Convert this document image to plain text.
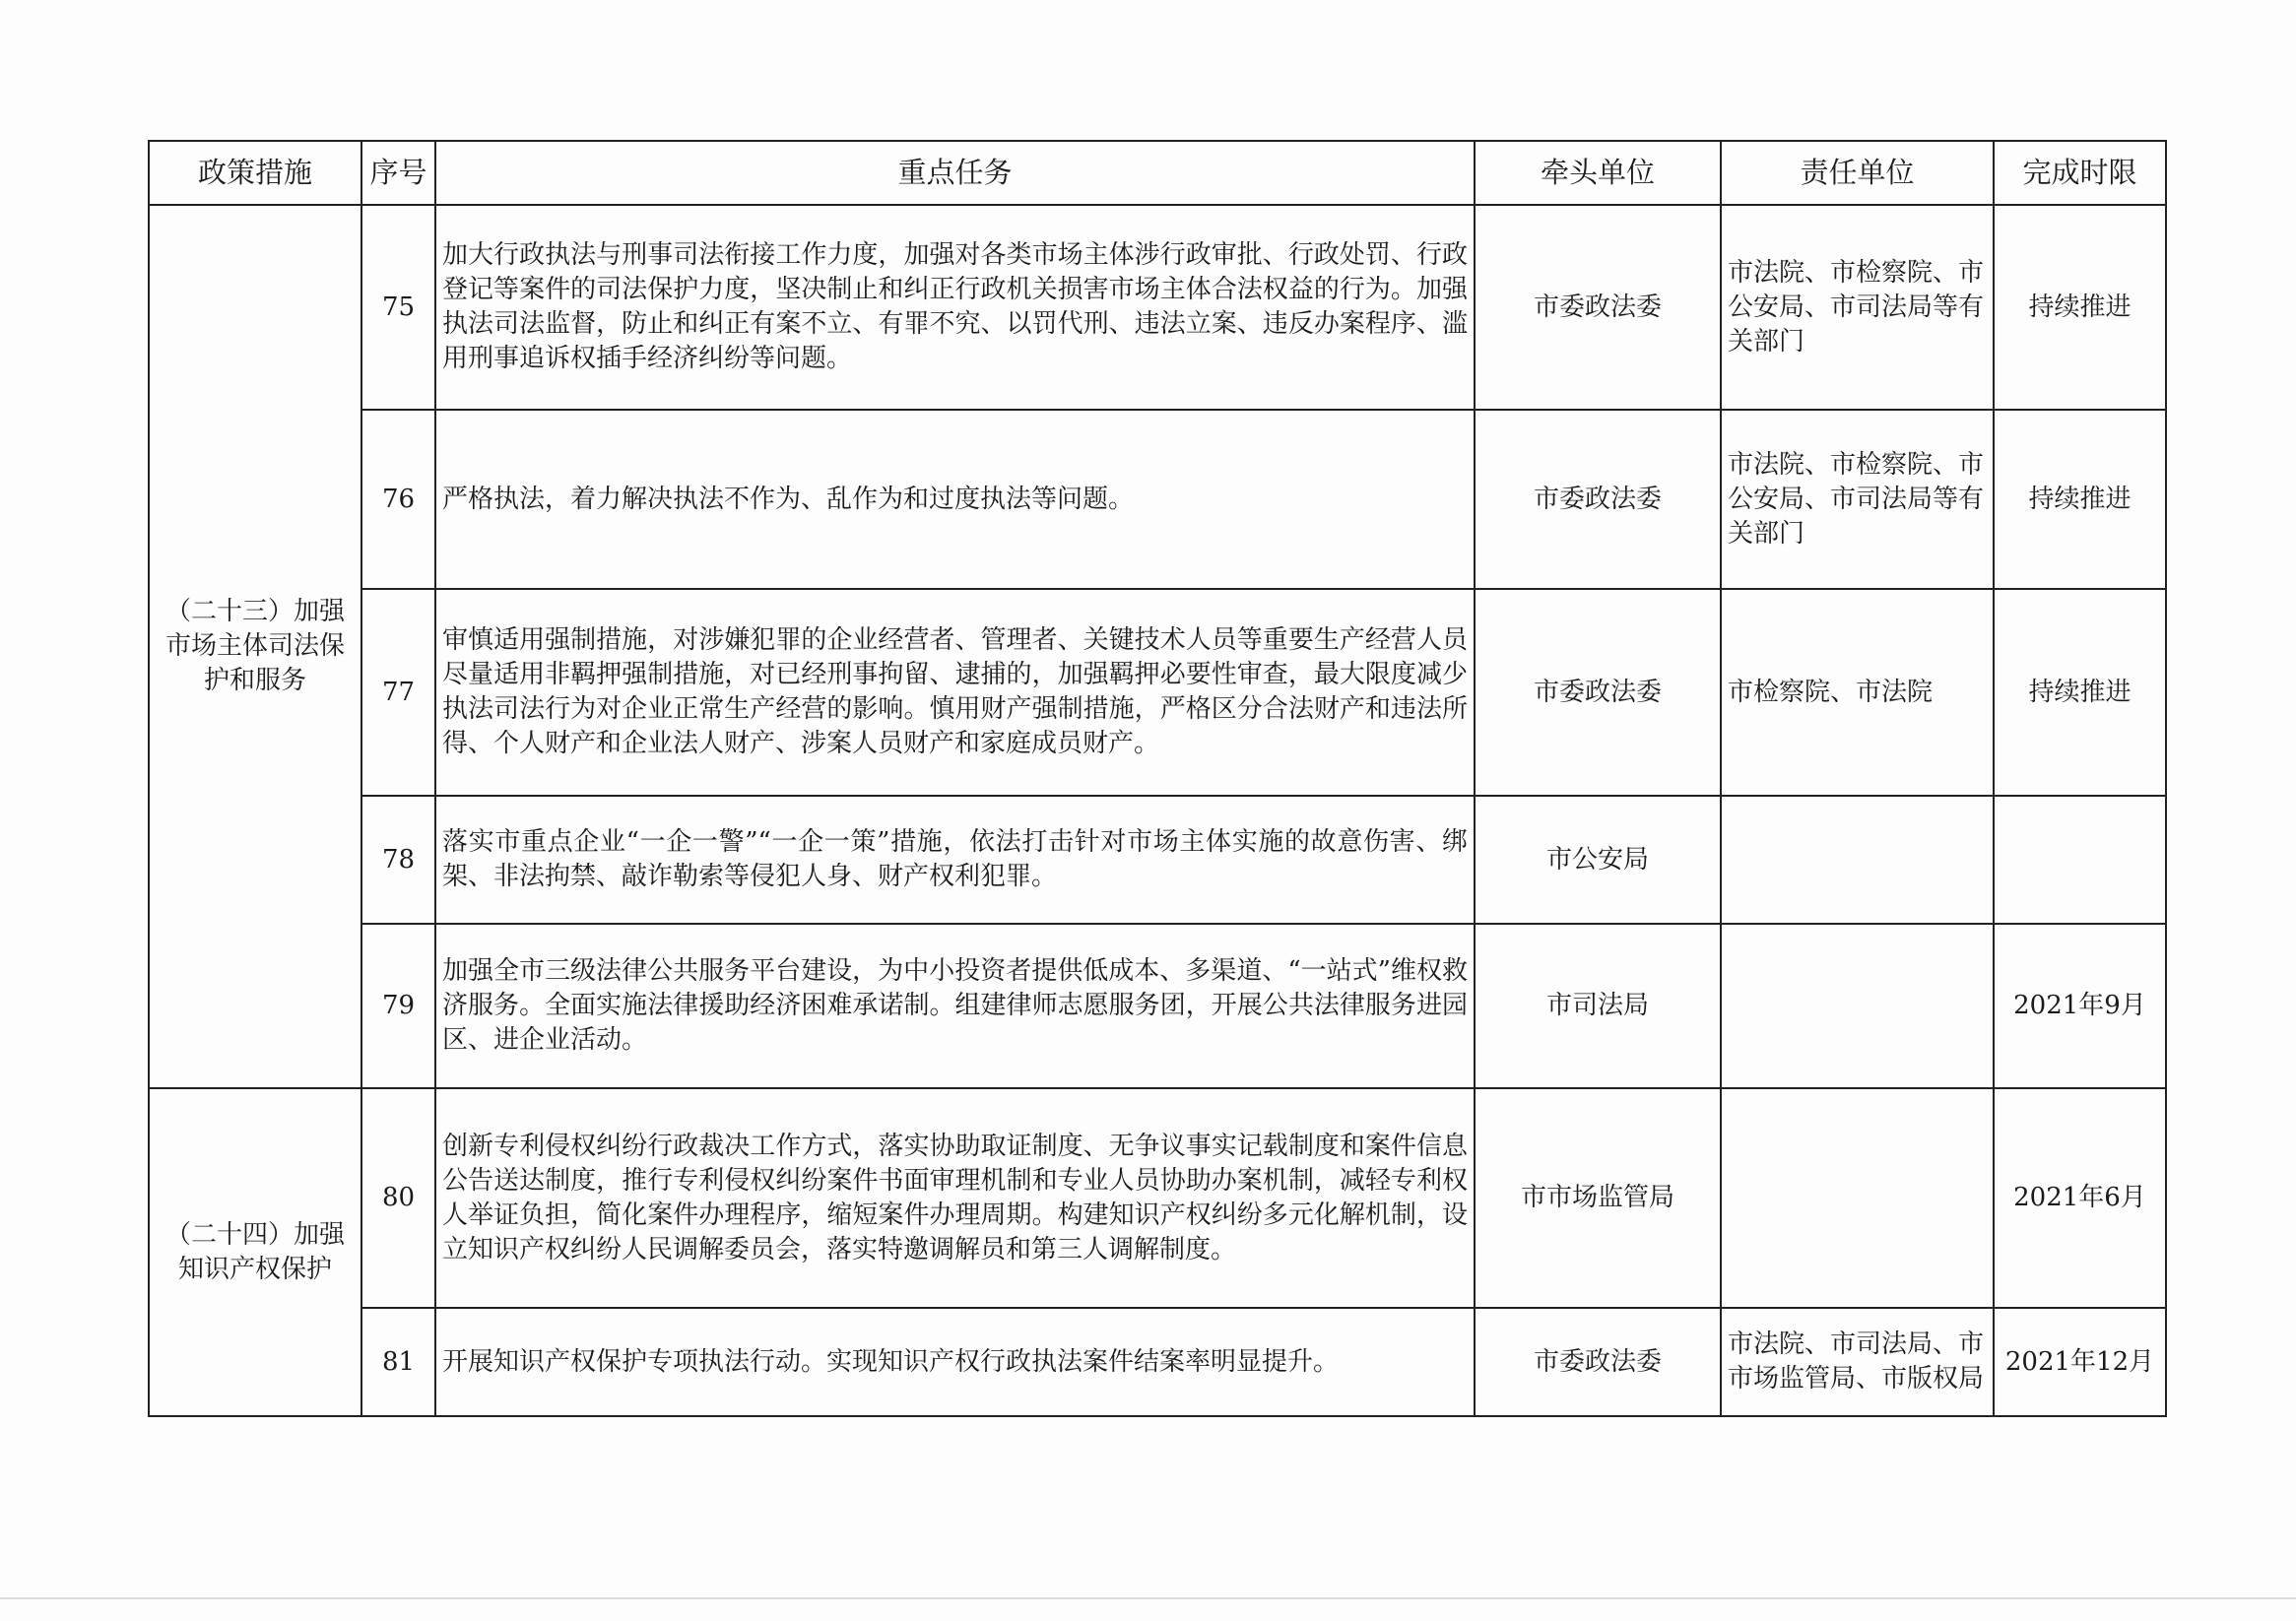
政策措施	序号	重点任务	牵头单位	责任单位	完成时限
（二十三）加强市场主体司法保护和服务	75	加大行政执法与刑事司法衔接工作力度，加强对各类市场主体涉行政审批、行政处罚、行政登记等案件的司法保护力度，坚决制止和纠正行政机关损害市场主体合法权益的行为。加强执法司法监督，防止和纠正有案不立、有罪不究、以罚代刑、违法立案、违反办案程序、滥用刑事追诉权插手经济纠纷等问题。	市委政法委	市法院、市检察院、市公安局、市司法局等有关部门	持续推进
	76	严格执法，着力解决执法不作为、乱作为和过度执法等问题。	市委政法委	市法院、市检察院、市公安局、市司法局等有关部门	持续推进
	77	审慎适用强制措施，对涉嫌犯罪的企业经营者、管理者、关键技术人员等重要生产经营人员尽量适用非羁押强制措施，对已经刑事拘留、逮捕的，加强羁押必要性审查，最大限度减少执法司法行为对企业正常生产经营的影响。慎用财产强制措施，严格区分合法财产和违法所得、个人财产和企业法人财产、涉案人员财产和家庭成员财产。	市委政法委	市检察院、市法院	持续推进
	78	落实市重点企业“一企一警”“一企一策”措施，依法打击针对市场主体实施的故意伤害、绑架、非法拘禁、敲诈勒索等侵犯人身、财产权利犯罪。	市公安局		
	79	加强全市三级法律公共服务平台建设，为中小投资者提供低成本、多渠道、“一站式”维权救济服务。全面实施法律援助经济困难承诺制。组建律师志愿服务团，开展公共法律服务进园区、进企业活动。	市司法局		2021年9月
（二十四）加强知识产权保护	80	创新专利侵权纠纷行政裁决工作方式，落实协助取证制度、无争议事实记载制度和案件信息公告送达制度，推行专利侵权纠纷案件书面审理机制和专业人员协助办案机制，减轻专利权人举证负担，简化案件办理程序，缩短案件办理周期。构建知识产权纠纷多元化解机制，设立知识产权纠纷人民调解委员会，落实特邀调解员和第三人调解制度。	市市场监管局		2021年6月
	81	开展知识产权保护专项执法行动。实现知识产权行政执法案件结案率明显提升。	市委政法委	市法院、市司法局、市市场监管局、市版权局	2021年12月
